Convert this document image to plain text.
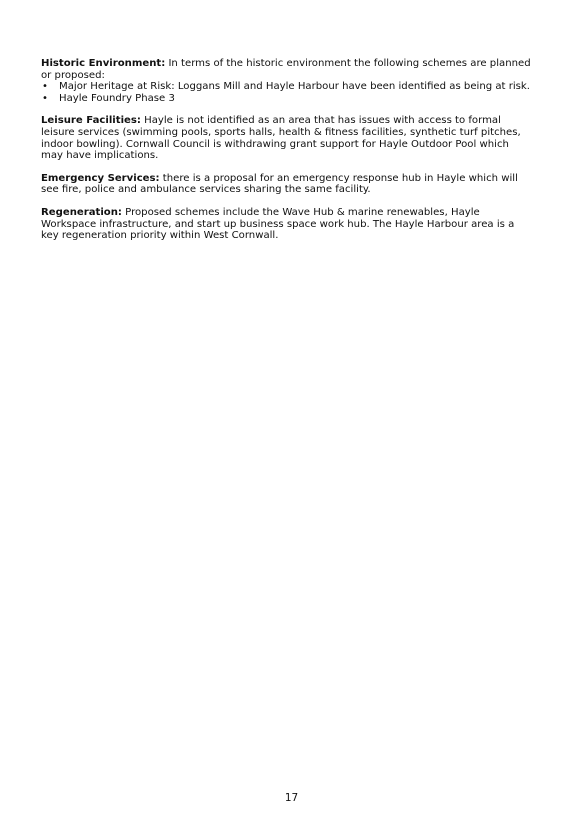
Historic Environment: In terms of the historic environment the following schemes are planned or proposed:
• Major Heritage at Risk: Loggans Mill and Hayle Harbour have been identified as being at risk.
• Hayle Foundry Phase 3
Leisure Facilities: Hayle is not identified as an area that has issues with access to formal leisure services (swimming pools, sports halls, health & fitness facilities, synthetic turf pitches, indoor bowling). Cornwall Council is withdrawing grant support for Hayle Outdoor Pool which may have implications.
Emergency Services: there is a proposal for an emergency response hub in Hayle which will see fire, police and ambulance services sharing the same facility.
Regeneration: Proposed schemes include the Wave Hub & marine renewables, Hayle Workspace infrastructure, and start up business space work hub. The Hayle Harbour area is a key regeneration priority within West Cornwall.
17
